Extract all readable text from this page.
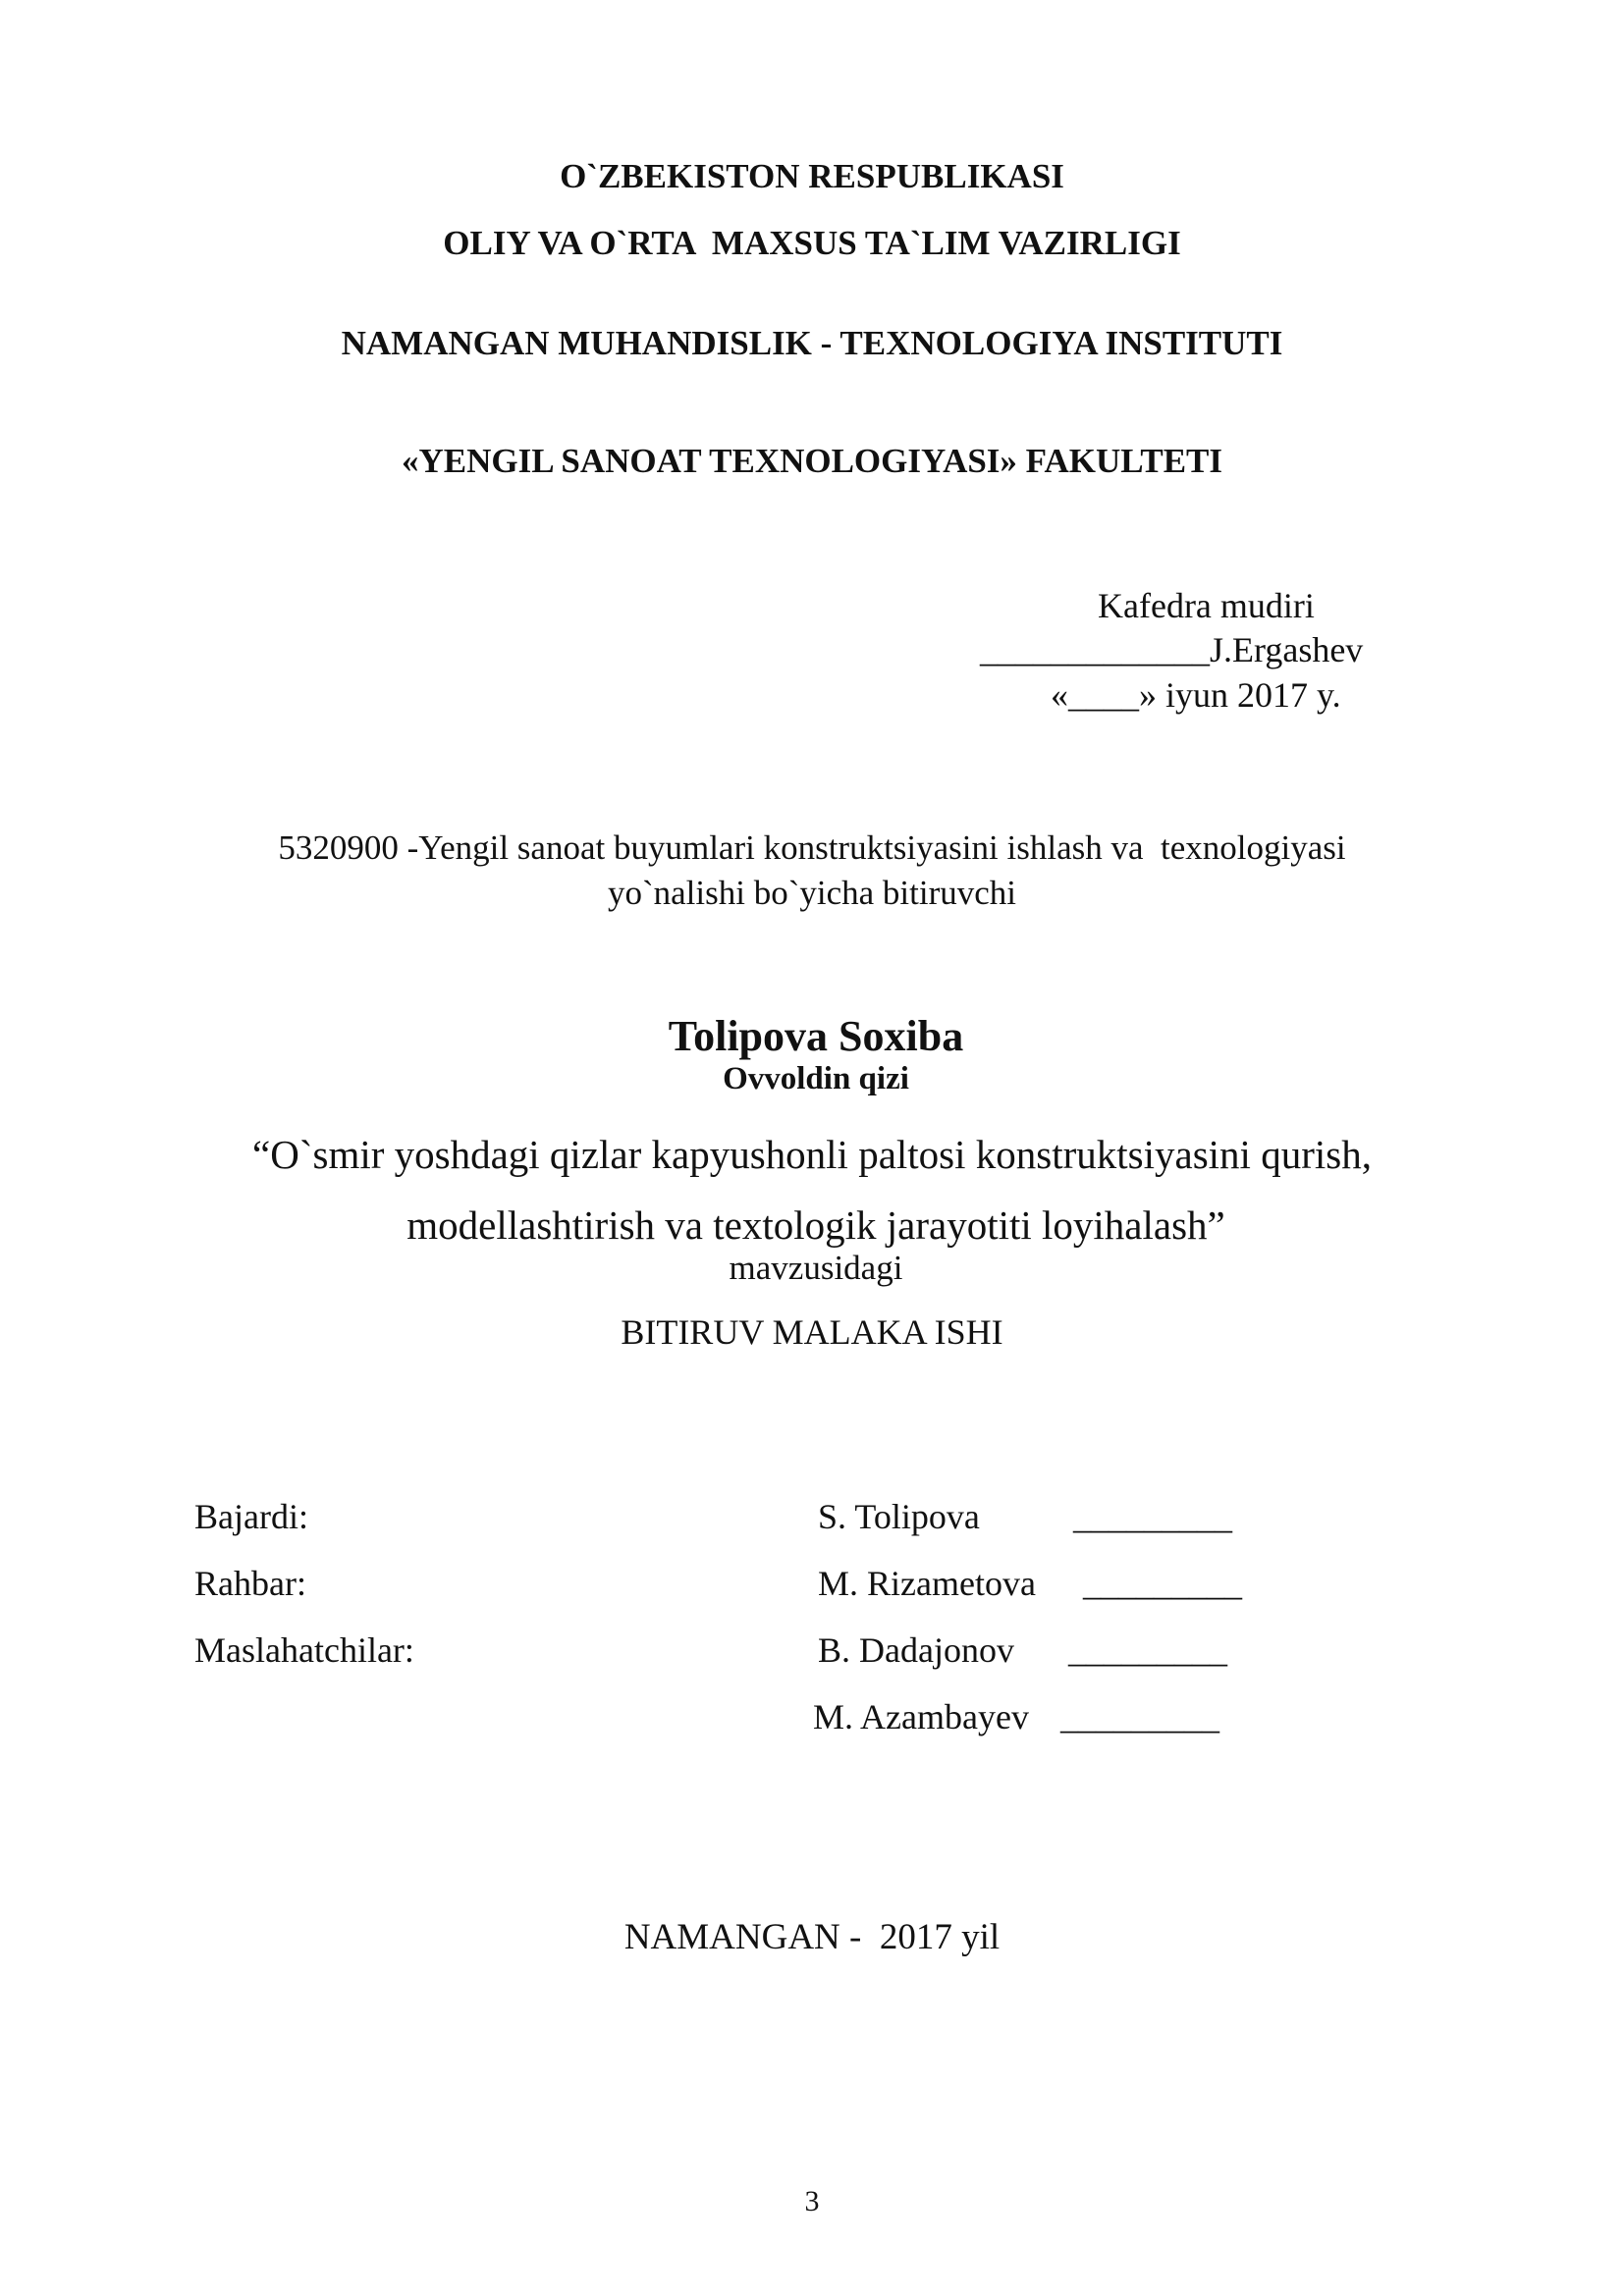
O`ZBEKISTON RESPUBLIKASI
OLIY VA O`RTA  MAXSUS TA`LIM VAZIRLIGI
NAMANGAN MUHANDISLIK - TEXNOLOGIYA INSTITUTI
«YENGIL SANOAT TEXNOLOGIYASI» FAKULTETI
Kafedra mudiri
_____________J.Ergashev
«____» iyun 2017 y.
5320900 -Yengil sanoat buyumlari konstruktsiyasini ishlash va  texnologiyasi
yo`nalishi bo`yicha bitiruvchi

Tolipova Soxiba
Ovvoldin qizi

“O`smir yoshdagi qizlar kapyushonli paltosi konstruktsiyasini qurish,

modellashtirish va textologik jarayotiti loyihalash”
mavzusidagi

BITIRUV MALAKA ISHI
Bajardi:	S. Tolipova	_________
Rahbar:	M. Rizametova _________
Maslahatchilar:	B. Dadajonov _________
M. Azambayev _________
NAMANGAN -  2017 yil
3
